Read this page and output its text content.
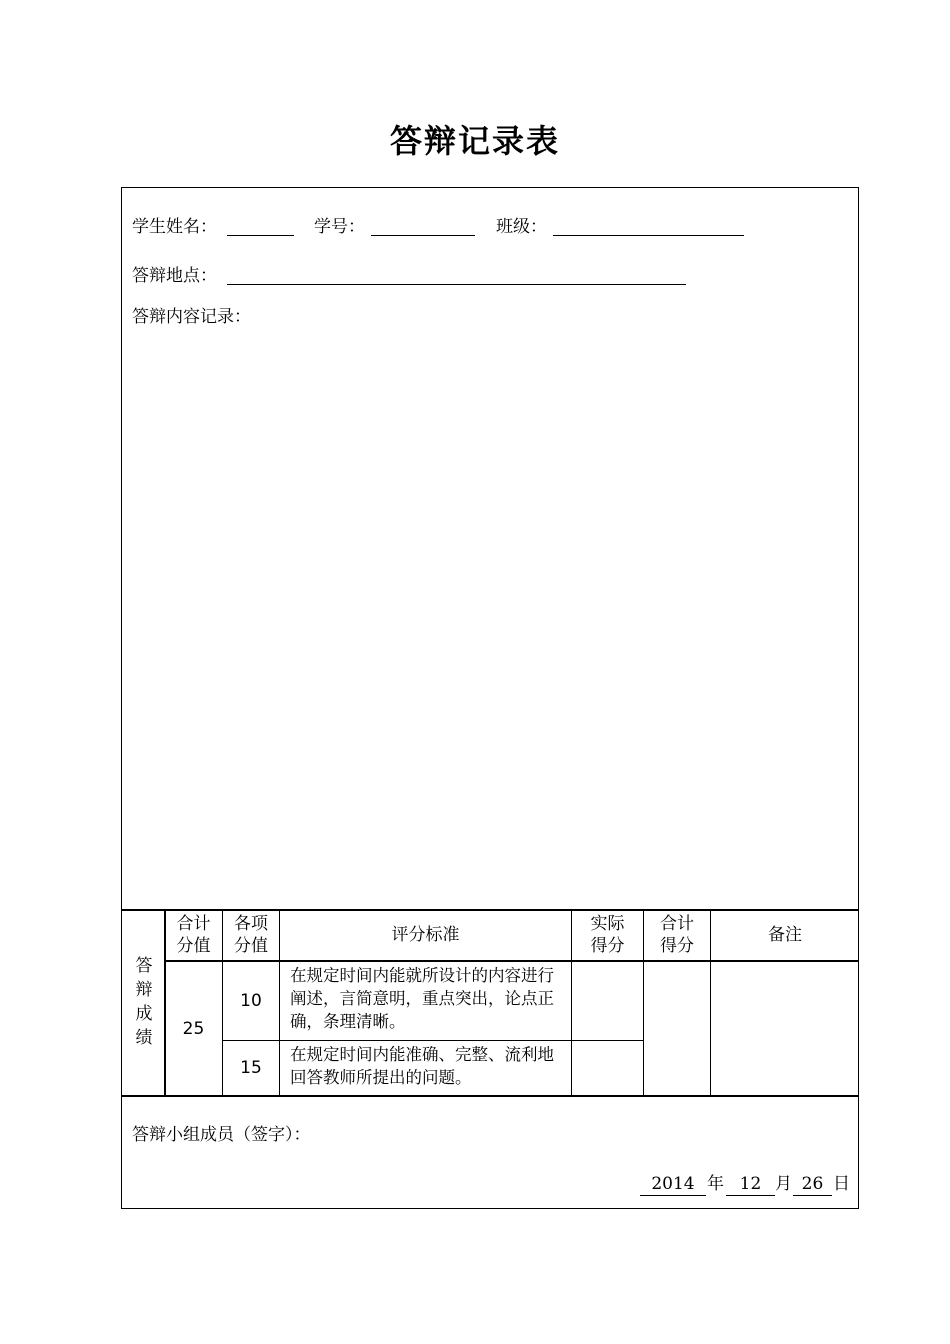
答辩记录表
学生姓名：	学号：	班级：
答辩地点：
答辩内容记录：
答
辩
成
绩
合计
分值
各项
分值
评分标准
实际
得分
合计
得分
备注
25
10
在规定时间内能就所设计的内容进行阐述，言简意明，重点突出，论点正确，条理清晰。
15
在规定时间内能准确、完整、流利地回答教师所提出的问题。
答辩小组成员（签字）：
2014 年 12 月 26 日
